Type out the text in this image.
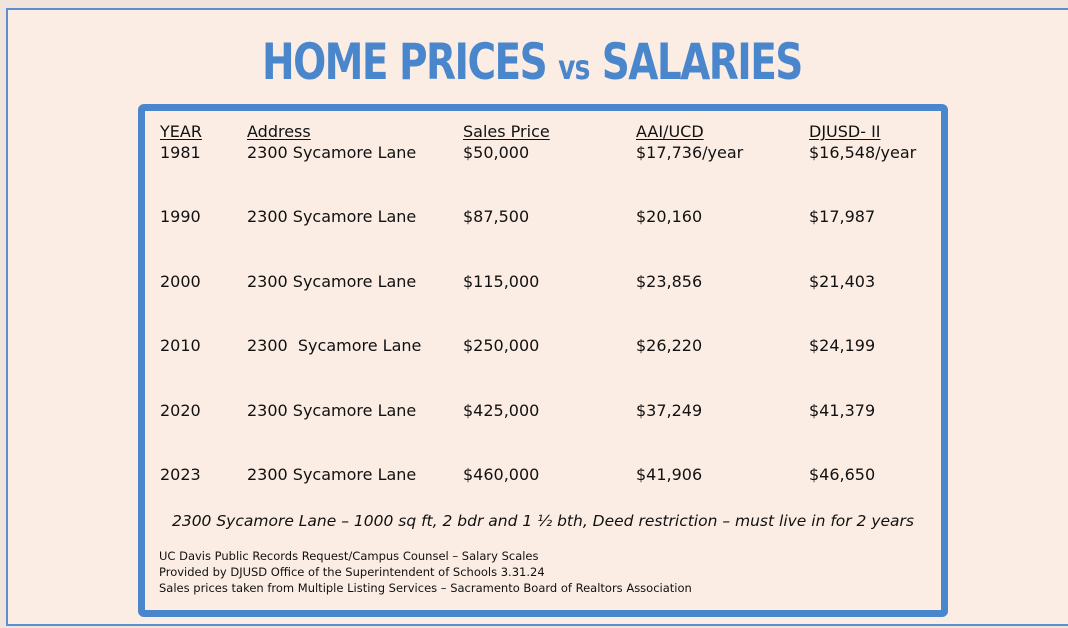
HOME PRICES vs SALARIES
YEAR	Address	Sales Price	AAI/UCD	DJUSD- II
1981	2300 Sycamore Lane	$50,000	$17,736/year	$16,548/year
1990	2300 Sycamore Lane	$87,500	$20,160	$17,987
2000	2300 Sycamore Lane	$115,000	$23,856	$21,403
2010	2300  Sycamore Lane	$250,000	$26,220	$24,199
2020	2300 Sycamore Lane	$425,000	$37,249	$41,379
2023	2300 Sycamore Lane	$460,000	$41,906	$46,650
2300 Sycamore Lane – 1000 sq ft, 2 bdr and 1 ½ bth, Deed restriction – must live in for 2 years
UC Davis Public Records Request/Campus Counsel – Salary Scales
Provided by DJUSD Office of the Superintendent of Schools 3.31.24
Sales prices taken from Multiple Listing Services – Sacramento Board of Realtors Association
